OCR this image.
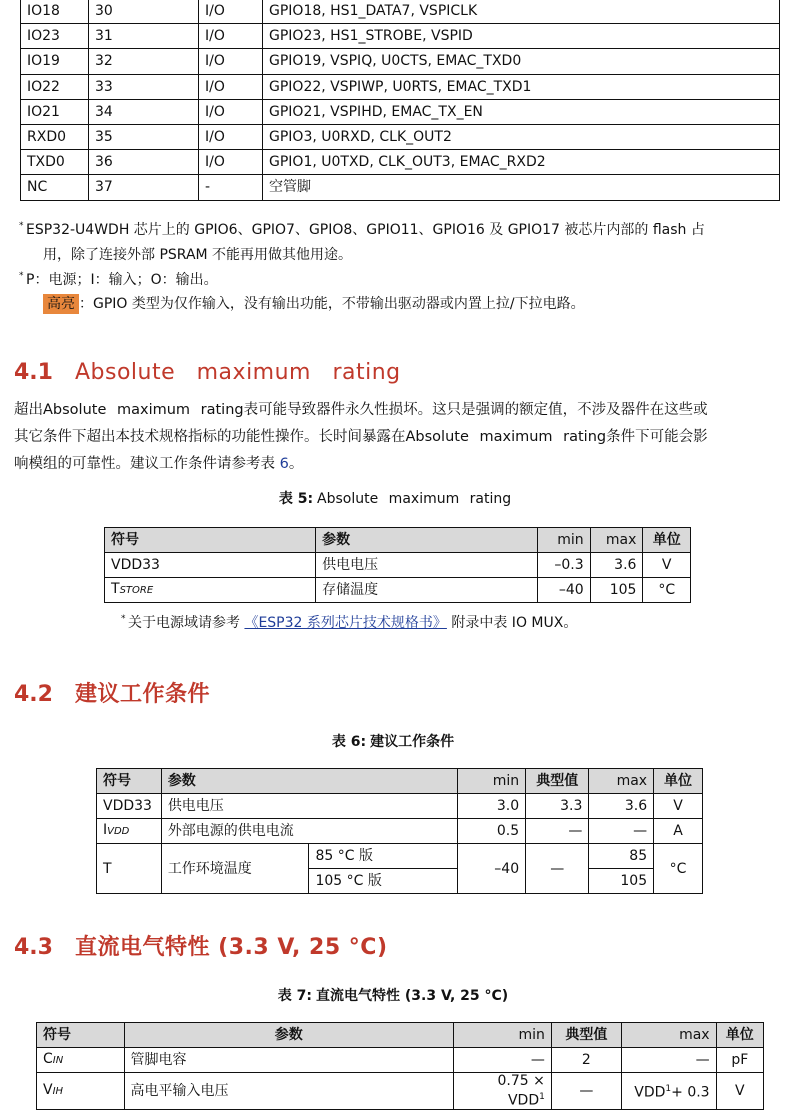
IO18	30	I/O	GPIO18, HS1_DATA7, VSPICLK
IO23	31	I/O	GPIO23, HS1_STROBE, VSPID
IO19	32	I/O	GPIO19, VSPIQ, U0CTS, EMAC_TXD0
IO22	33	I/O	GPIO22, VSPIWP, U0RTS, EMAC_TXD1
IO21	34	I/O	GPIO21, VSPIHD, EMAC_TX_EN
RXD0	35	I/O	GPIO3, U0RXD, CLK_OUT2
TXD0	36	I/O	GPIO1, U0TXD, CLK_OUT3, EMAC_RXD2
NC	37	-	空管脚
* ESP32-U4WDH 芯片上的 GPIO6、GPIO7、GPIO8、GPIO11、GPIO16 及 GPIO17 被芯片内部的 flash 占
用，除了连接外部 PSRAM 不能再用做其他用途。
* P：电源；I：输入；O：输出。
高亮 ：GPIO 类型为仅作输入，没有输出功能，不带输出驱动器或内置上拉/下拉电路。
4.1 Absolute maximum rating
超出Absolute maximum rating表可能导致器件永久性损坏。这只是强调的额定值，不涉及器件在这些或
其它条件下超出本技术规格指标的功能性操作。长时间暴露在Absolute maximum rating条件下可能会影
响模组的可靠性。建议工作条件请参考表 6。
表 5: Absolute maximum rating
符号	参数	min	max	单位
VDD33	供电电压	–0.3	3.6	V
TSTORE	存储温度	–40	105	°C
* 关于电源域请参考 《ESP32 系列芯片技术规格书》 附录中表 IO MUX。
4.2 建议工作条件
表 6: 建议工作条件
符号	参数		min	典型值	max	单位
VDD33	供电电压		3.0	3.3	3.6	V
IVDD	外部电源的供电电流		0.5	—	—	A
T	工作环境温度	85 °C 版	–40	—	85	°C
		105 °C 版			105	
4.3 直流电气特性 (3.3 V, 25 °C)
表 7: 直流电气特性 (3.3 V, 25 °C)
符号	参数	min	典型值	max	单位
CIN	管脚电容	—	2	—	pF
VIH	高电平输入电压	$0.75 \times VDD^1$	—	$VDD^1+ 0.3$	V
